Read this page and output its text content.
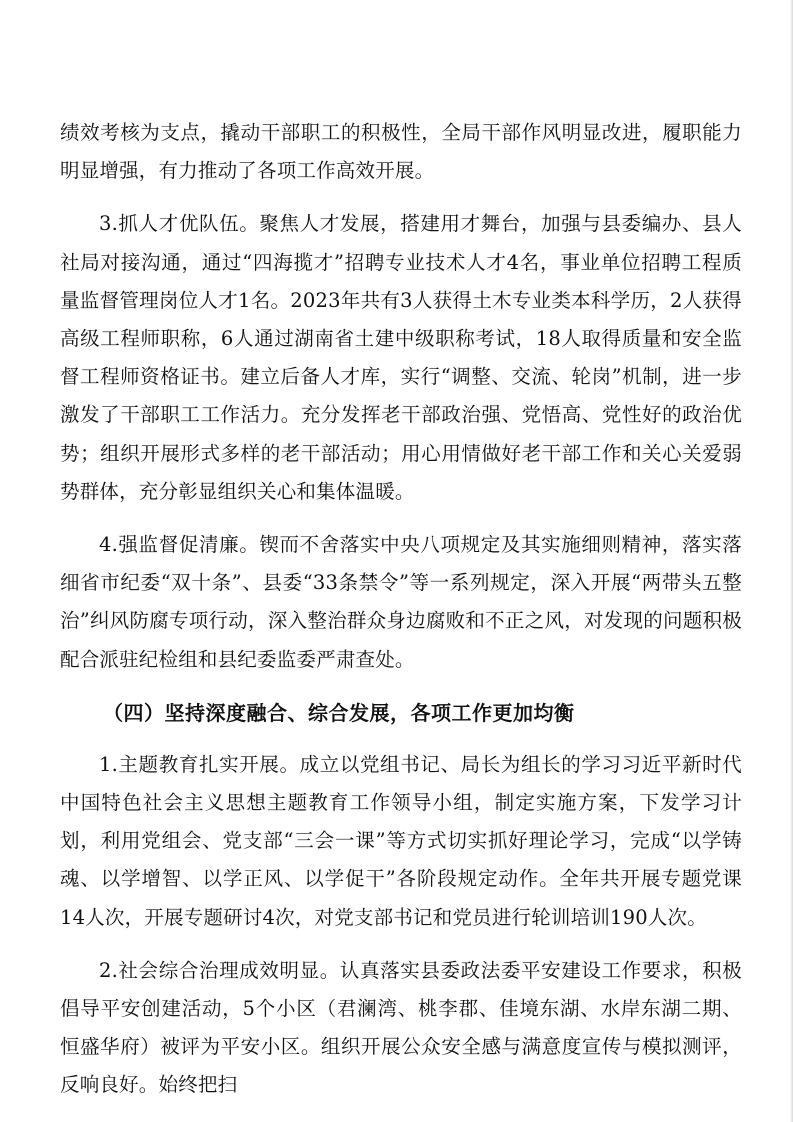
绩效考核为支点，撬动干部职工的积极性，全局干部作风明显改进，履职能力明显增强，有力推动了各项工作高效开展。

3.抓人才优队伍。聚焦人才发展，搭建用才舞台，加强与县委编办、县人社局对接沟通，通过“四海揽才”招聘专业技术人才4名，事业单位招聘工程质量监督管理岗位人才1名。2023年共有3人获得土木专业类本科学历，2人获得高级工程师职称，6人通过湖南省土建中级职称考试，18人取得质量和安全监督工程师资格证书。建立后备人才库，实行“调整、交流、轮岗”机制，进一步激发了干部职工工作活力。充分发挥老干部政治强、党悟高、党性好的政治优势；组织开展形式多样的老干部活动；用心用情做好老干部工作和关心关爱弱势群体，充分彰显组织关心和集体温暖。

4.强监督促清廉。锲而不舍落实中央八项规定及其实施细则精神，落实落细省市纪委“双十条”、县委“33条禁令”等一系列规定，深入开展“两带头五整治”纠风防腐专项行动，深入整治群众身边腐败和不正之风，对发现的问题积极配合派驻纪检组和县纪委监委严肃查处。

（四）坚持深度融合、综合发展，各项工作更加均衡

1.主题教育扎实开展。成立以党组书记、局长为组长的学习习近平新时代中国特色社会主义思想主题教育工作领导小组，制定实施方案，下发学习计划，利用党组会、党支部“三会一课”等方式切实抓好理论学习，完成“以学铸魂、以学增智、以学正风、以学促干”各阶段规定动作。全年共开展专题党课14人次，开展专题研讨4次，对党支部书记和党员进行轮训培训190人次。

2.社会综合治理成效明显。认真落实县委政法委平安建设工作要求，积极倡导平安创建活动，5个小区（君澜湾、桃李郡、佳境东湖、水岸东湖二期、恒盛华府）被评为平安小区。组织开展公众安全感与满意度宣传与模拟测评，反响良好。始终把扫
